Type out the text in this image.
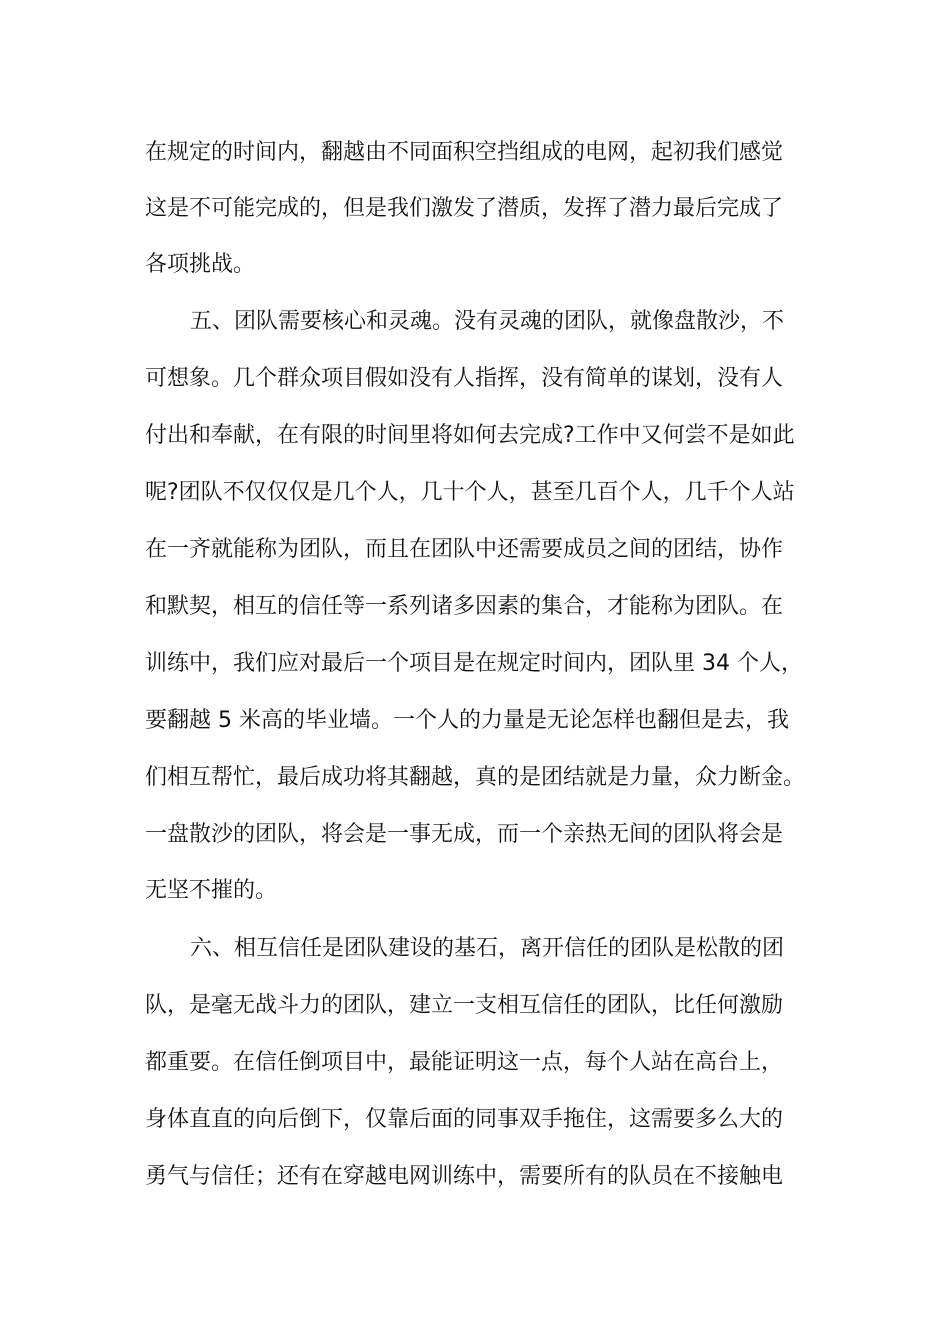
在规定的时间内，翻越由不同面积空挡组成的电网，起初我们感觉
这是不可能完成的，但是我们激发了潜质，发挥了潜力最后完成了
各项挑战。
五、团队需要核心和灵魂。没有灵魂的团队，就像盘散沙，不
可想象。几个群众项目假如没有人指挥，没有简单的谋划，没有人
付出和奉献，在有限的时间里将如何去完成?工作中又何尝不是如此
呢?团队不仅仅仅是几个人，几十个人，甚至几百个人，几千个人站
在一齐就能称为团队，而且在团队中还需要成员之间的团结，协作
和默契，相互的信任等一系列诸多因素的集合，才能称为团队。在
训练中，我们应对最后一个项目是在规定时间内，团队里 34 个人，
要翻越 5 米高的毕业墙。一个人的力量是无论怎样也翻但是去，我
们相互帮忙，最后成功将其翻越，真的是团结就是力量，众力断金。
一盘散沙的团队，将会是一事无成，而一个亲热无间的团队将会是
无坚不摧的。
六、相互信任是团队建设的基石，离开信任的团队是松散的团
队，是毫无战斗力的团队，建立一支相互信任的团队，比任何激励
都重要。在信任倒项目中，最能证明这一点，每个人站在高台上，
身体直直的向后倒下，仅靠后面的同事双手拖住，这需要多么大的
勇气与信任；还有在穿越电网训练中，需要所有的队员在不接触电
